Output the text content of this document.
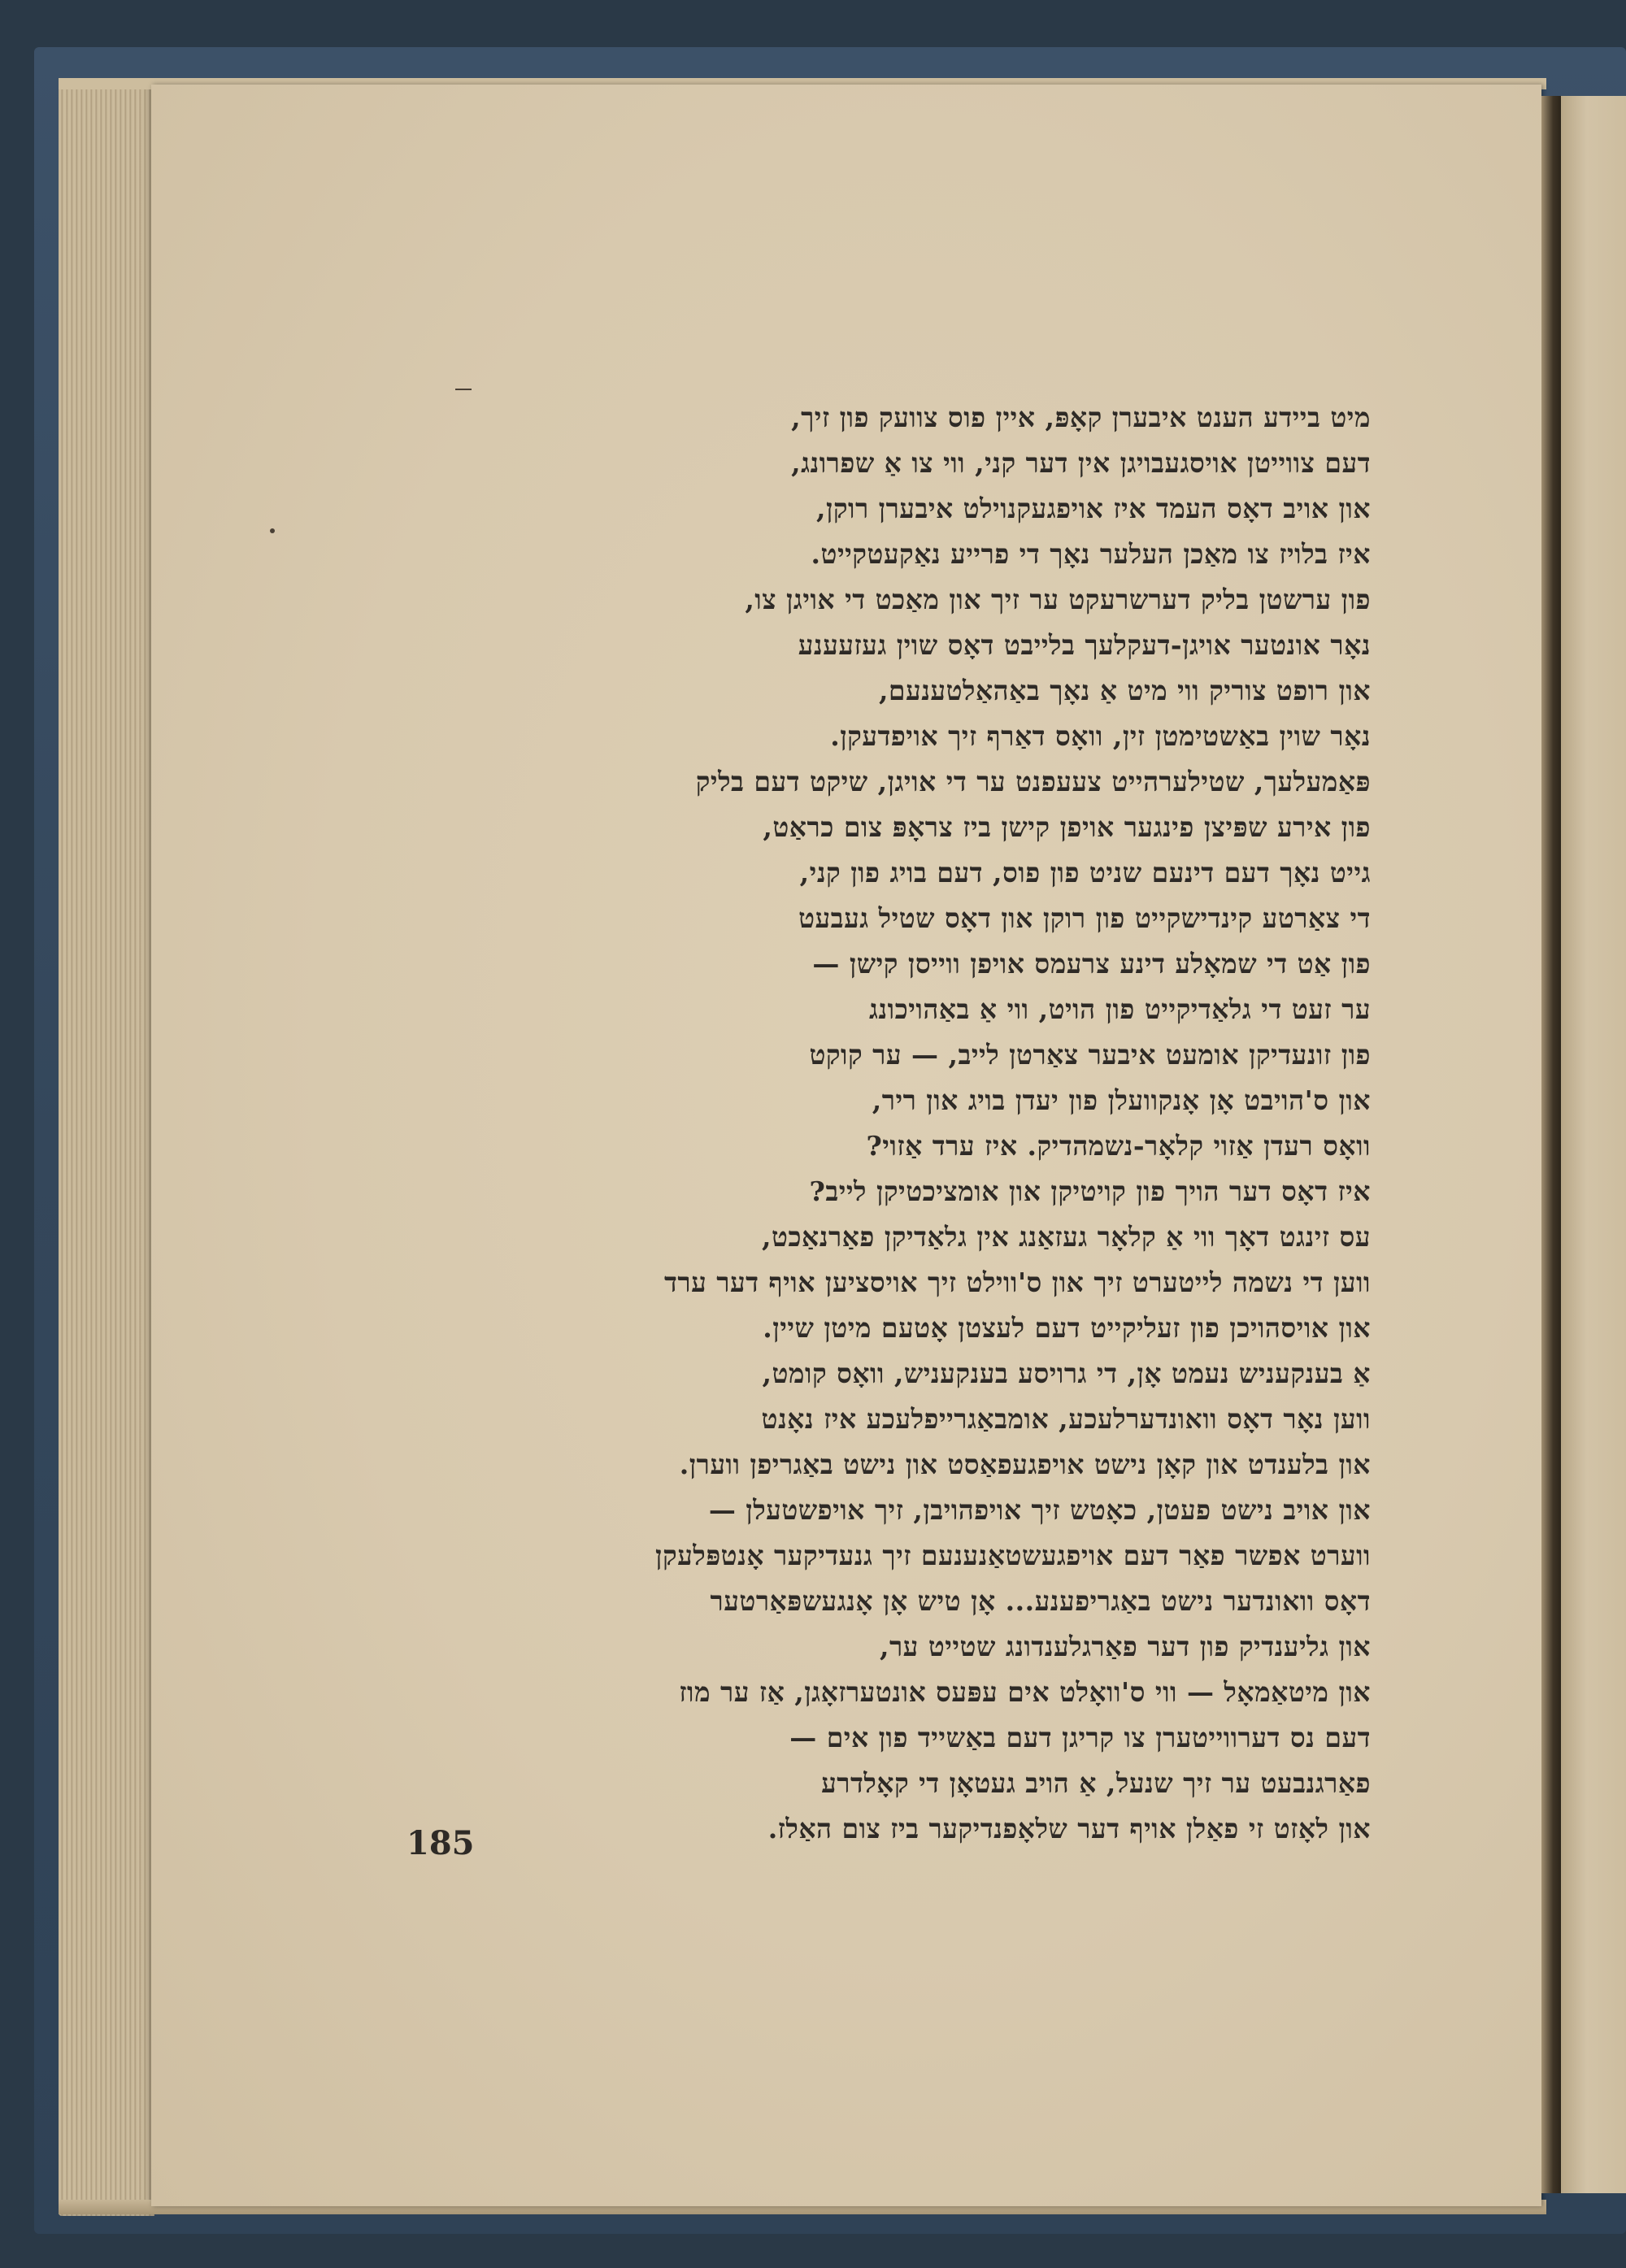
מיט ביידע הענט איבערן קאָפּ, איין פוס צוועק פון זיך,
דעם צווייטן אויסגעבויגן אין דער קני, ווי צו אַ שפרונג,
און אויב דאָס העמד איז אויפגעקנוילט איבערן רוקן,
איז בלויז צו מאַכן העלער נאָך די פרייע נאַקעטקייט.
פון ערשטן בליק דערשרעקט ער זיך און מאַכט די אויגן צו,
נאָר אונטער אויגן-דעקלעך בלייבט דאָס שוין געזעענע
און רופט צוריק ווי מיט אַ נאָך באַהאַלטענעם,
נאָר שוין באַשטימטן זין, וואָס דאַרף זיך אויפדעקן.
פּאַמעלעך, שטילערהייט צעעפנט ער די אויגן, שיקט דעם בליק
פון אירע שפּיצן פינגער אויפן קישן ביז צראָפּ צום כראַט,
גייט נאָך דעם דינעם שניט פון פוס, דעם בויג פון קני,
די צאַרטע קינדישקייט פון רוקן און דאָס שטיל געבעט
פון אַט די שמאָלע דינע צרעמס אויפן ווייסן קישן —
ער זעט די גלאַדיקייט פון הויט, ווי אַ באַהויכונג
פון זונעדיקן אומעט איבער צאַרטן לייב, — ער קוקט
און ס'הויבט אָן אָנקוועלן פון יעדן בויג און ריר,
וואָס רעדן אַזוי קלאָר-נשמהדיק. איז ערד אַזוי?
איז דאָס דער הויך פון קויטיקן און אומציכטיקן לייב?
עס זינגט דאָך ווי אַ קלאָר געזאַנג אין גלאַדיקן פאַרנאַכט,
ווען די נשמה לייטערט זיך און ס'ווילט זיך אויסציען אויף דער ערד
און אויסהויכן פון זעליקייט דעם לעצטן אָטעם מיטן שיין.
אַ בענקעניש נעמט אָן, די גרויסע בענקעניש, וואָס קומט,
ווען נאָר דאָס וואונדערלעכע, אומבאַגרייפלעכע איז נאָנט
און בלענדט און קאָן נישט אויפגעפאַסט און נישט באַגריפן ווערן.
און אויב נישט פעטן, כאָטש זיך אויפהויבן, זיך אויפשטעלן —
ווערט אפשר פאַר דעם אויפגעשטאַנענעם זיך גנעדיקער אָנטפּלעקן
דאָס וואונדער נישט באַגריפענע... אָן טיש אָן אָנגעשפּאַרטער
און גליענדיק פון דער פאַרגלענדונג שטייט ער,
און מיטאַמאָל — ווי ס'וואָלט אים עפּעס אונטערזאָגן, אַז ער מוז
דעם נס דערווייטערן צו קריגן דעם באַשייד פון אים —
פאַרגנבעט ער זיך שנעל, אַ הויב געטאָן די קאָלדרע
און לאָזט זי פאַלן אויף דער שלאָפנדיקער ביז צום האַלז.
185
